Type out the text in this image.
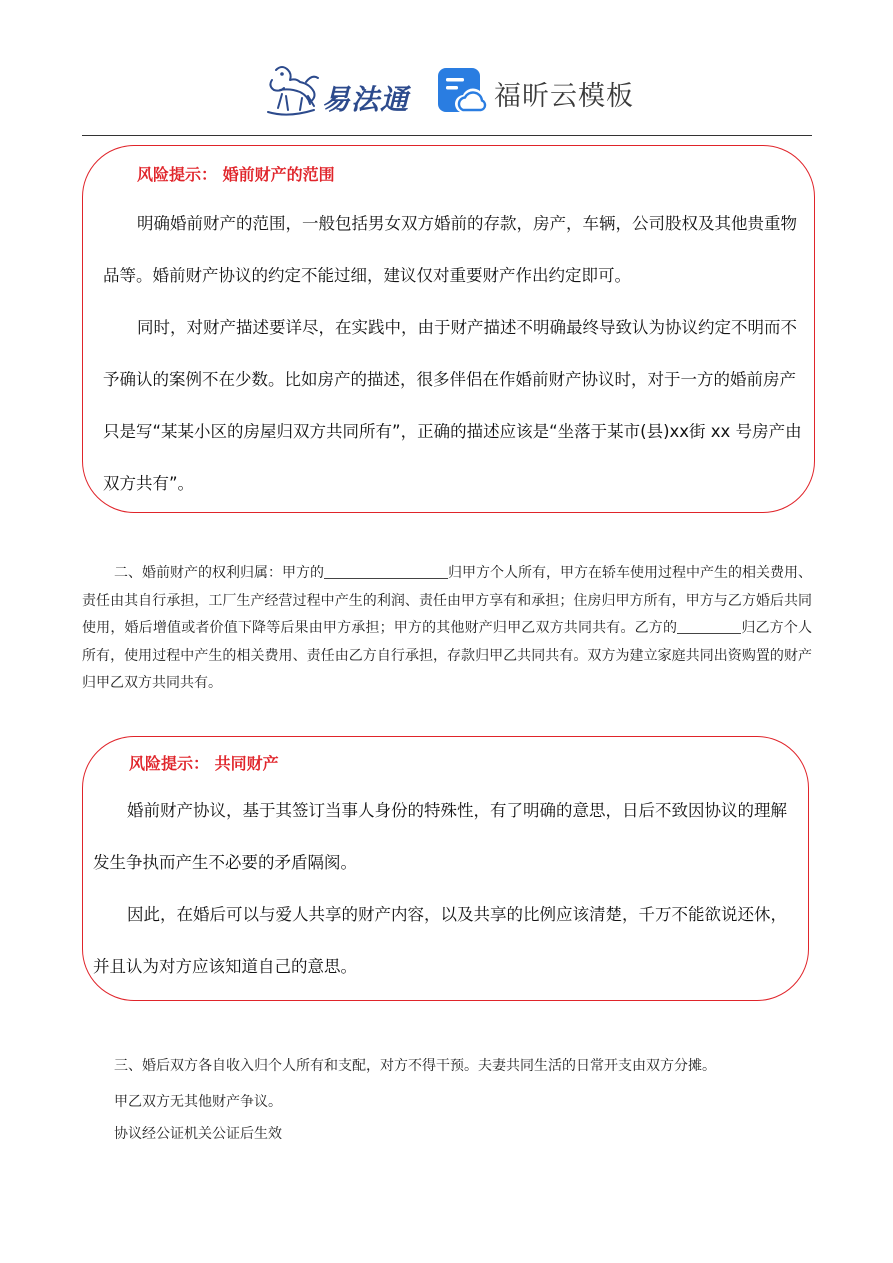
易法通	福昕云模板
风险提示： 婚前财产的范围

明确婚前财产的范围，一般包括男女双方婚前的存款，房产，车辆，公司股权及其他贵重物品等。婚前财产协议的约定不能过细，建议仅对重要财产作出约定即可。

同时，对财产描述要详尽，在实践中，由于财产描述不明确最终导致认为协议约定不明而不予确认的案例不在少数。比如房产的描述，很多伴侣在作婚前财产协议时，对于一方的婚前房产只是写“某某小区的房屋归双方共同所有”，正确的描述应该是“坐落于某市(县)xx街 xx 号房产由双方共有”。

二、婚前财产的权利归属：甲方的	归甲方个人所有，甲方在轿车使用过程中产生的相关费用、责任由其自行承担，工厂生产经营过程中产生的利润、责任由甲方享有和承担；住房归甲方所有，甲方与乙方婚后共同使用，婚后增值或者价值下降等后果由甲方承担；甲方的其他财产归甲乙双方共同共有。乙方的	归乙方个人所有，使用过程中产生的相关费用、责任由乙方自行承担，存款归甲乙共同共有。双方为建立家庭共同出资购置的财产归甲乙双方共同共有。

风险提示： 共同财产

婚前财产协议，基于其签订当事人身份的特殊性，有了明确的意思，日后不致因协议的理解发生争执而产生不必要的矛盾隔阂。

因此，在婚后可以与爱人共享的财产内容，以及共享的比例应该清楚，千万不能欲说还休，并且认为对方应该知道自己的意思。

三、婚后双方各自收入归个人所有和支配，对方不得干预。夫妻共同生活的日常开支由双方分摊。

甲乙双方无其他财产争议。

协议经公证机关公证后生效
